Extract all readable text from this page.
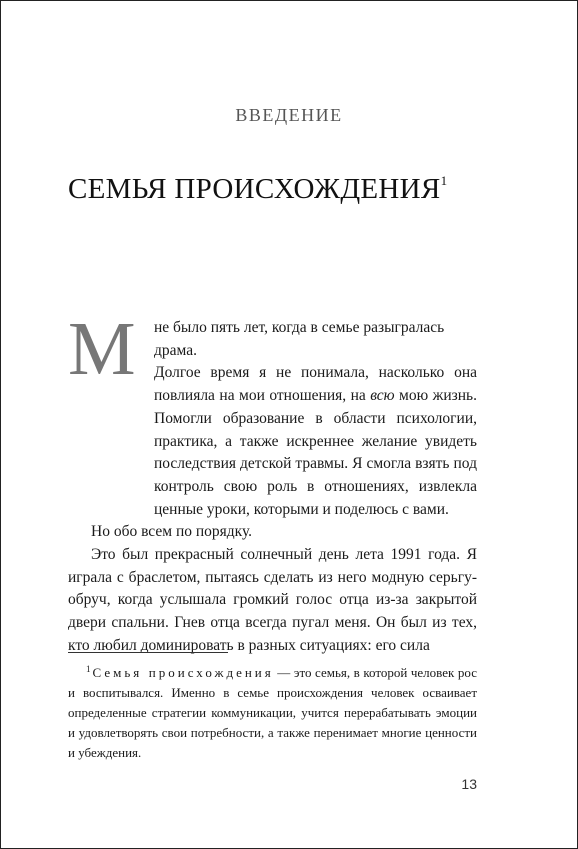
ВВЕДЕНИЕ
СЕМЬЯ ПРОИСХОЖДЕНИЯ$^1$
М не было пять лет, когда в семье разыгралась

драма.

Долгое время я не понимала, насколько она повлияла на мои отношения, на всю мою жизнь. Помогли образование в области психологии, практика, а также искреннее желание увидеть последствия детской травмы. Я смогла взять под контроль свою роль в отношениях, извлекла ценные уроки, которыми и поделюсь с вами.

Но обо всем по порядку.

Это был прекрасный солнечный день лета 1991 года. Я играла с браслетом, пытаясь сделать из него модную серьгу-обруч, когда услышала громкий голос отца из-за закрытой двери спальни. Гнев отца всегда пугал меня. Он был из тех, кто любил доминировать в разных ситуациях: его сила

$^1$ Семья происхождения — это семья, в которой человек рос и воспитывался. Именно в семье происхождения человек осваивает определенные стратегии коммуникации, учится перерабатывать эмоции и удовлетворять свои потребности, а также перенимает многие ценности и убеждения.
13
